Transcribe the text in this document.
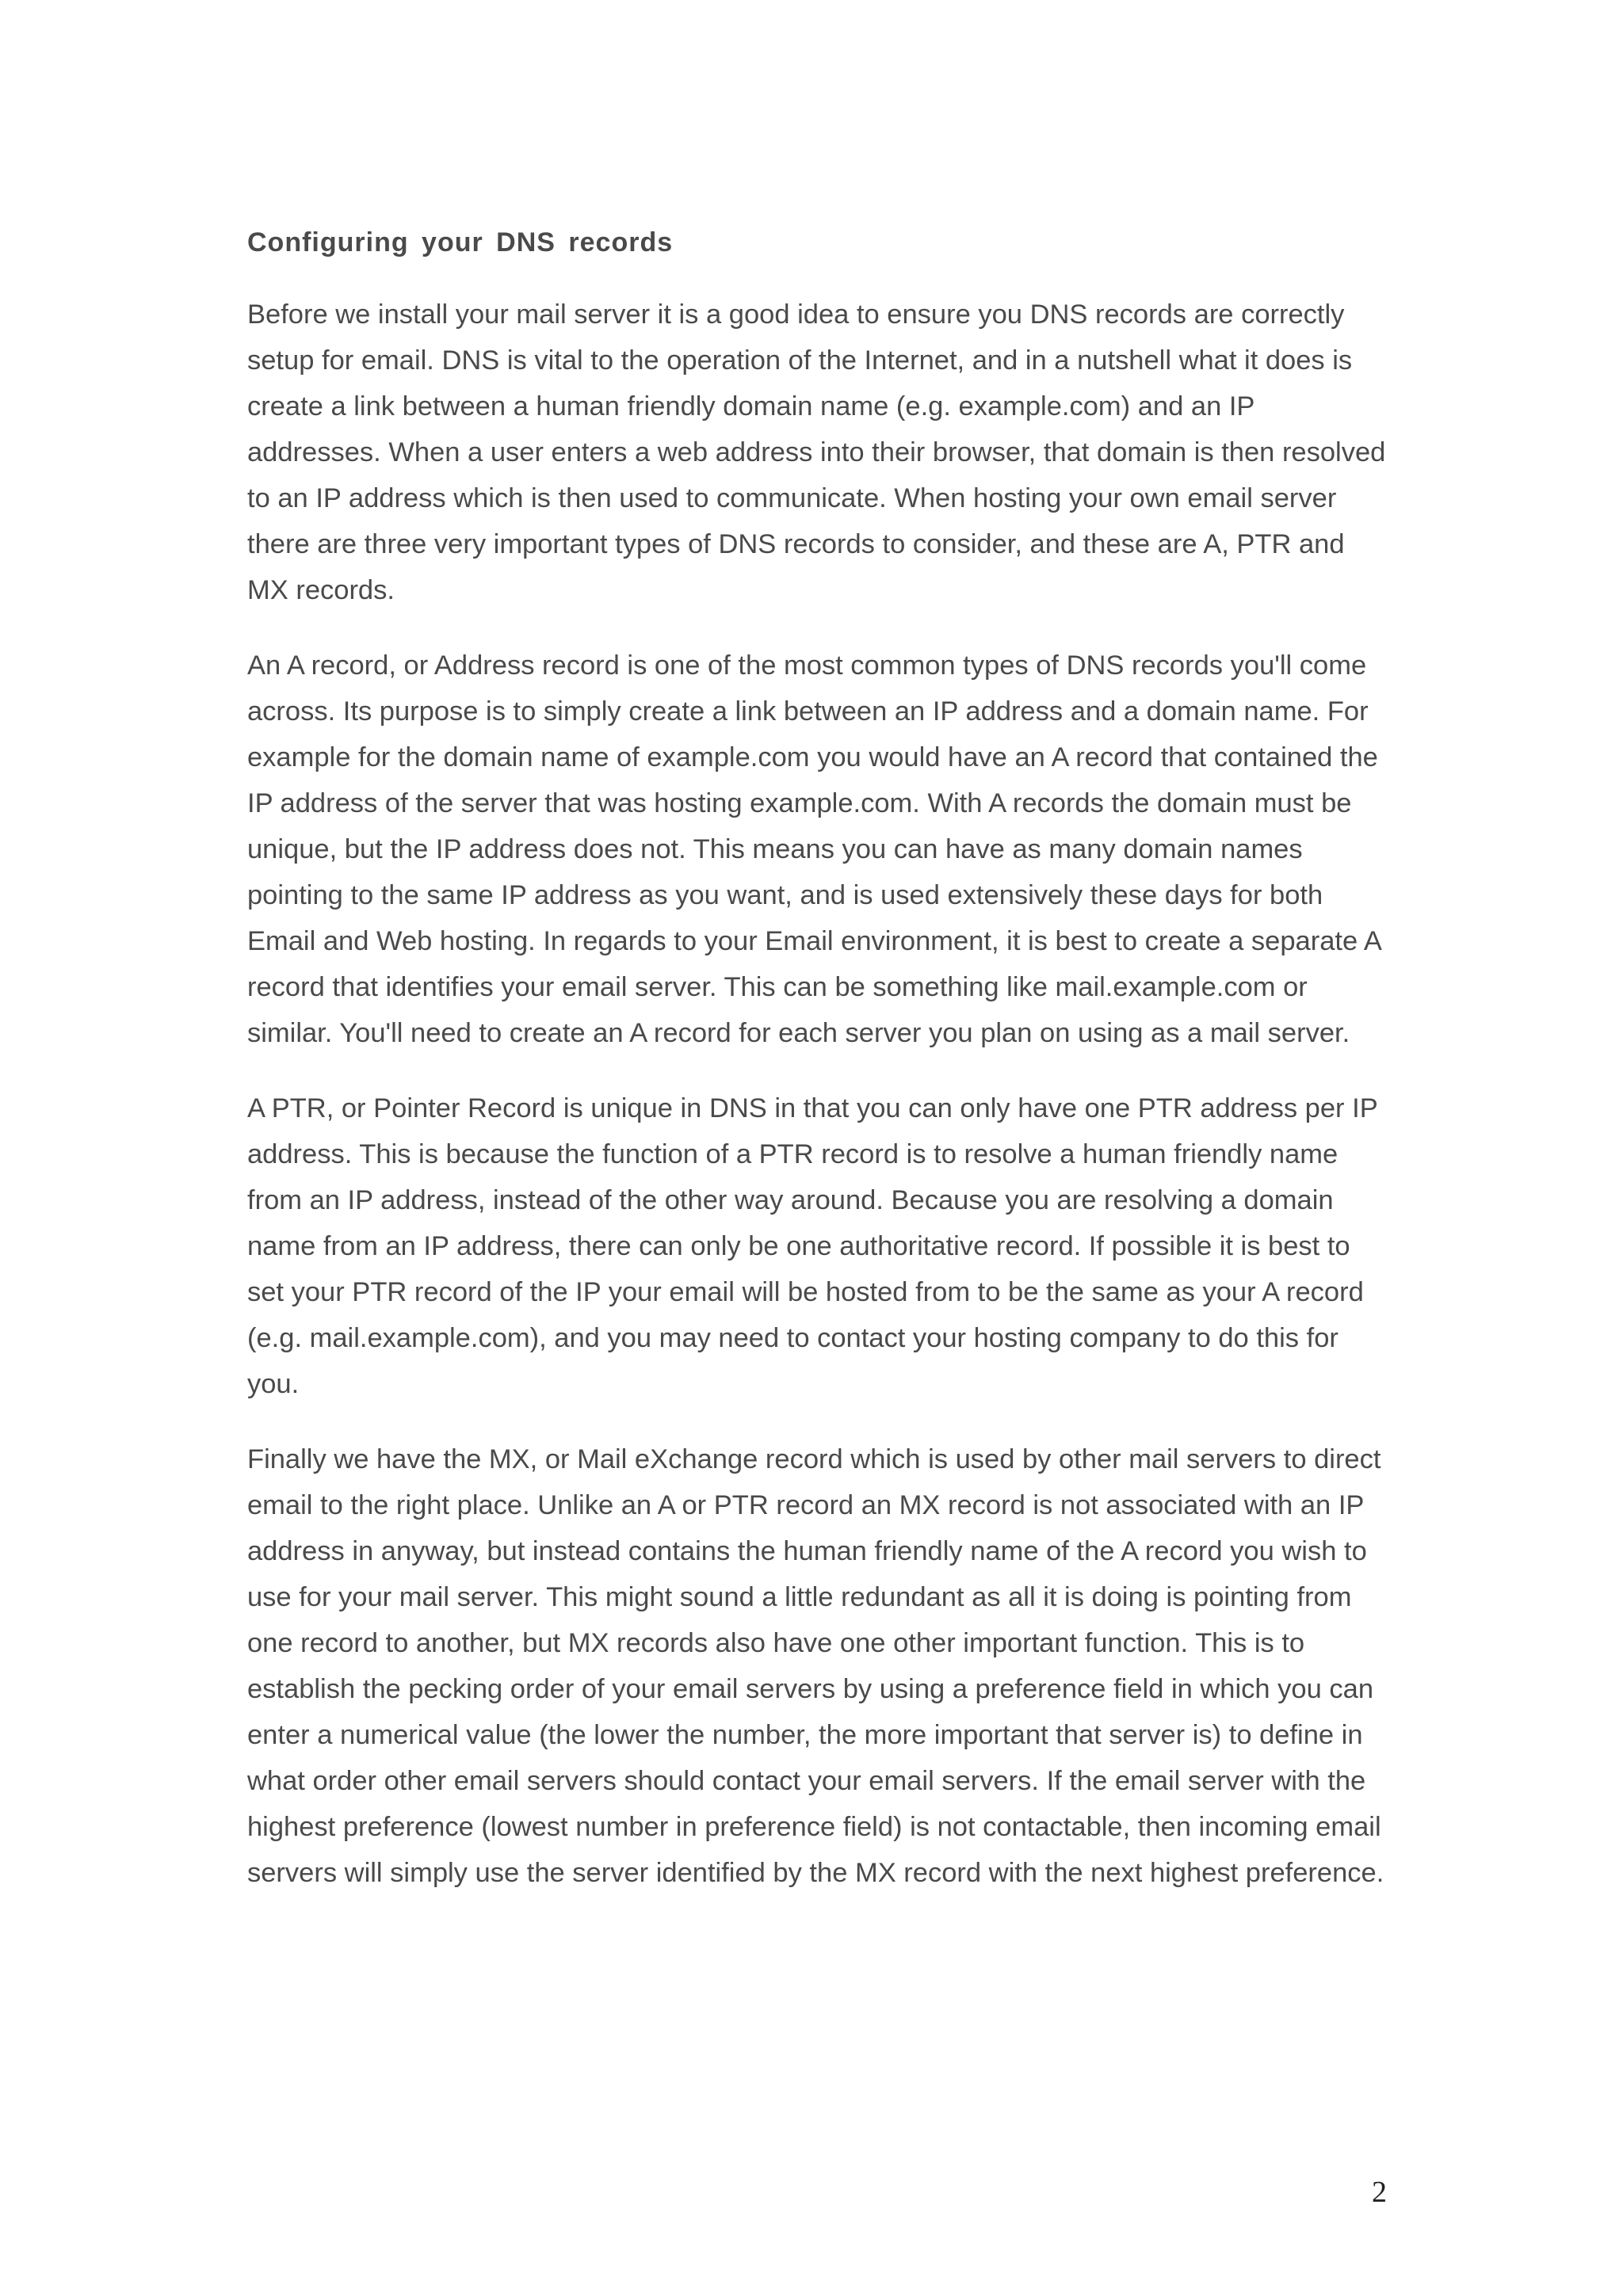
Configuring your DNS records

Before we install your mail server it is a good idea to ensure you DNS records are correctly setup for email. DNS is vital to the operation of the Internet, and in a nutshell what it does is create a link between a human friendly domain name (e.g. example.com) and an IP addresses. When a user enters a web address into their browser, that domain is then resolved to an IP address which is then used to communicate. When hosting your own email server there are three very important types of DNS records to consider, and these are A, PTR and MX records.

An A record, or Address record is one of the most common types of DNS records you'll come across. Its purpose is to simply create a link between an IP address and a domain name. For example for the domain name of example.com you would have an A record that contained the IP address of the server that was hosting example.com. With A records the domain must be unique, but the IP address does not. This means you can have as many domain names pointing to the same IP address as you want, and is used extensively these days for both Email and Web hosting. In regards to your Email environment, it is best to create a separate A record that identifies your email server. This can be something like mail.example.com or similar. You'll need to create an A record for each server you plan on using as a mail server.

A PTR, or Pointer Record is unique in DNS in that you can only have one PTR address per IP address. This is because the function of a PTR record is to resolve a human friendly name from an IP address, instead of the other way around. Because you are resolving a domain name from an IP address, there can only be one authoritative record. If possible it is best to set your PTR record of the IP your email will be hosted from to be the same as your A record (e.g. mail.example.com), and you may need to contact your hosting company to do this for you.

Finally we have the MX, or Mail eXchange record which is used by other mail servers to direct email to the right place. Unlike an A or PTR record an MX record is not associated with an IP address in anyway, but instead contains the human friendly name of the A record you wish to use for your mail server. This might sound a little redundant as all it is doing is pointing from one record to another, but MX records also have one other important function. This is to establish the pecking order of your email servers by using a preference field in which you can enter a numerical value (the lower the number, the more important that server is) to define in what order other email servers should contact your email servers. If the email server with the highest preference (lowest number in preference field) is not contactable, then incoming email servers will simply use the server identified by the MX record with the next highest preference.

2
